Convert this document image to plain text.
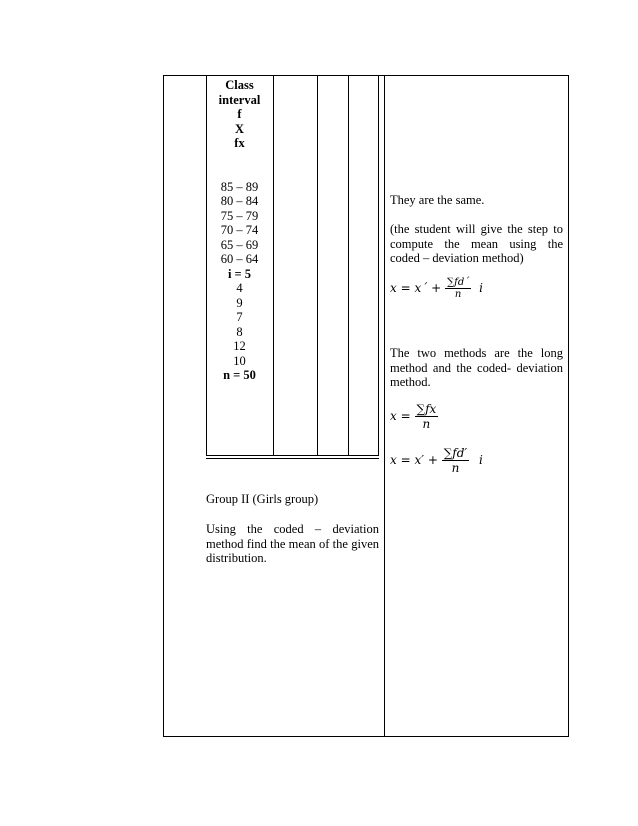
Class
interval
f
X
fx
85 – 89
80 – 84
75 – 79
70 – 74
65 – 69
60 – 64
i = 5
4
9
7
8
12
10
n = 50
Group II (Girls group)
Using the coded – deviation method find the mean of the given distribution.
They are the same.
(the student will give the step to compute the mean using the coded – deviation method)
x = x´ + $\frac{\sum fd´}{n}$ i
The two methods are the long method and the coded- deviation method.
$x = \frac{\sum fx}{n}$
$x = x' + \frac{\sum fd'}{n}$ i
